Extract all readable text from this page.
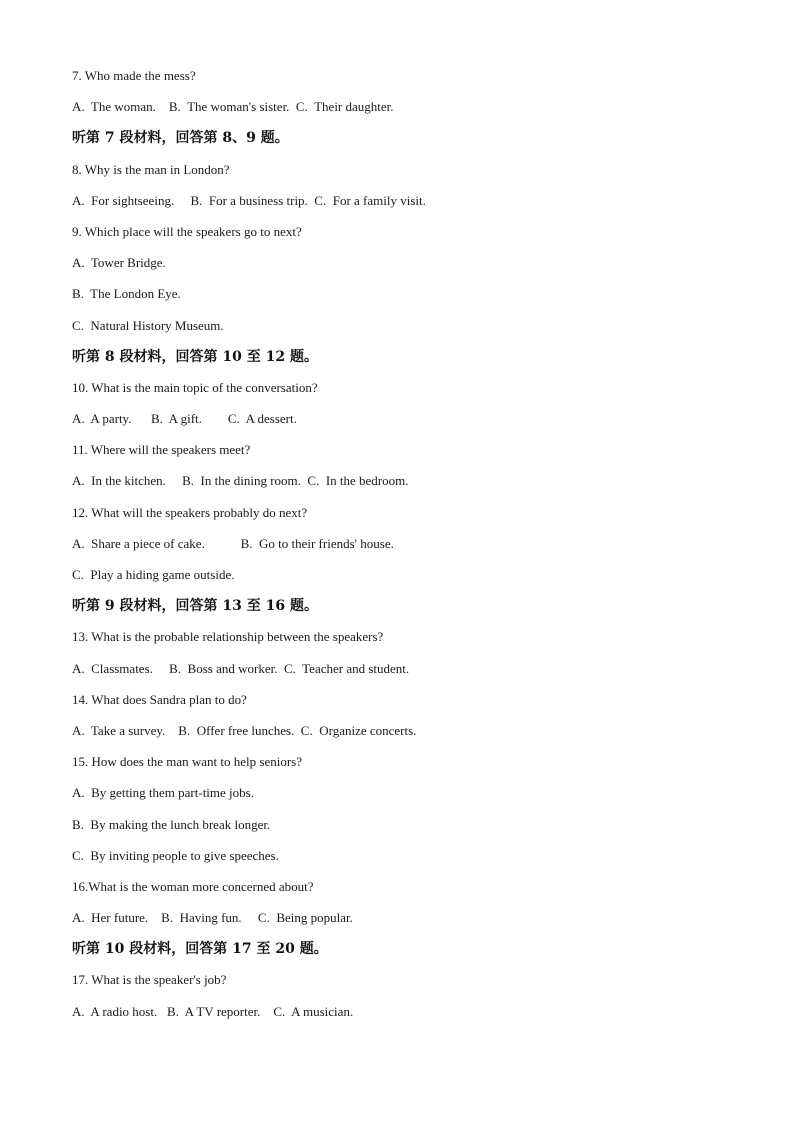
7. Who made the mess?
A.  The woman.    B.  The woman's sister.  C.  Their daughter.
听第 7 段材料，回答第 8、9 题。
8. Why is the man in London?
A.  For sightseeing.     B.  For a business trip.  C.  For a family visit.
9. Which place will the speakers go to next?
A.  Tower Bridge.
B.  The London Eye.
C.  Natural History Museum.
听第 8 段材料，回答第 10 至 12 题。
10. What is the main topic of the conversation?
A.  A party.      B.  A gift.        C.  A dessert.
11. Where will the speakers meet?
A.  In the kitchen.     B.  In the dining room.  C.  In the bedroom.
12. What will the speakers probably do next?
A.  Share a piece of cake.           B.  Go to their friends' house.
C.  Play a hiding game outside.
听第 9 段材料，回答第 13 至 16 题。
13. What is the probable relationship between the speakers?
A.  Classmates.     B.  Boss and worker.  C.  Teacher and student.
14. What does Sandra plan to do?
A.  Take a survey.    B.  Offer free lunches.  C.  Organize concerts.
15. How does the man want to help seniors?
A.  By getting them part-time jobs.
B.  By making the lunch break longer.
C.  By inviting people to give speeches.
16.What is the woman more concerned about?
A.  Her future.    B.  Having fun.     C.  Being popular.
听第 10 段材料，回答第 17 至 20 题。
17. What is the speaker's job?
A.  A radio host.   B.  A TV reporter.    C.  A musician.
